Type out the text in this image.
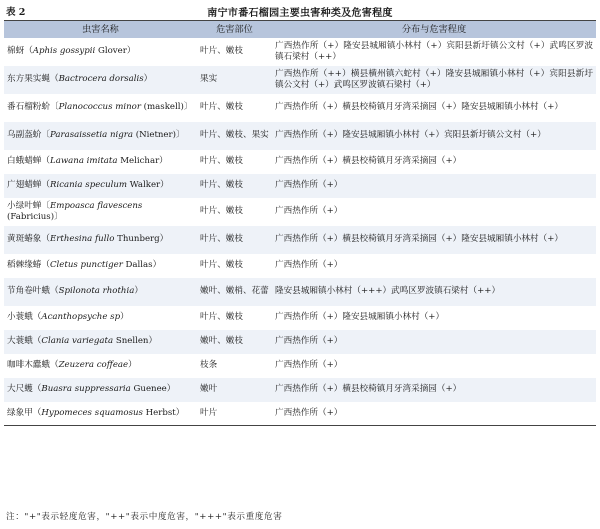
表 2	南宁市番石榴园主要虫害种类及危害程度
虫害名称	危害部位	分布与危害程度
棉蚜（Aphis gossypii Glover）	叶片、嫩枝	广西热作所（+）隆安县城厢镇小林村（+）宾阳县新圩镇公文村（+）武鸣区罗波镇石梁村（++）
东方果实蝇（Bactrocera dorsalis）	果实	广西热作所（++）横县横州镇六蛇村（+）隆安县城厢镇小林村（+）宾阳县新圩镇公文村（+）武鸣区罗波镇石梁村（+）
番石榴粉蚧〔Planococcus minor (maskell)〕	叶片、嫩枝	广西热作所（+）横县校椅镇月牙湾采摘园（+）隆安县城厢镇小林村（+）
乌副盔蚧〔Parasaissetia nigra (Nietner)〕	叶片、嫩枝、果实	广西热作所（+）隆安县城厢镇小林村（+）宾阳县新圩镇公文村（+）
白蛾蜡蝉（Lawana imitata Melichar）	叶片、嫩枝	广西热作所（+）横县校椅镇月牙湾采摘园（+）
广翅蜡蝉（Ricania speculum Walker）	叶片、嫩枝	广西热作所（+）
小绿叶蝉〔Empoasca flavescens (Fabricius)〕	叶片、嫩枝	广西热作所（+）
黄斑蝽象（Erthesina fullo Thunberg）	叶片、嫩枝	广西热作所（+）横县校椅镇月牙湾采摘园（+）隆安县城厢镇小林村（+）
稻棘缘蝽（Cletus punctiger Dallas）	叶片、嫩枝	广西热作所（+）
节角卷叶蛾（Spilonota rhothia）	嫩叶、嫩梢、花蕾	隆安县城厢镇小林村（+++）武鸣区罗波镇石梁村（++）
小蓑蛾（Acanthopsyche sp）	叶片、嫩枝	广西热作所（+）隆安县城厢镇小林村（+）
大蓑蛾（Clania variegata Snellen）	嫩叶、嫩枝	广西热作所（+）
咖啡木蠹蛾（Zeuzera coffeae）	枝条	广西热作所（+）
大尺蠖（Buasra suppressaria Guenee）	嫩叶	广西热作所（+）横县校椅镇月牙湾采摘园（+）
绿象甲（Hypomeces squamosus Herbst）	叶片	广西热作所（+）
注："+"表示轻度危害，"++"表示中度危害，"+++"表示重度危害
